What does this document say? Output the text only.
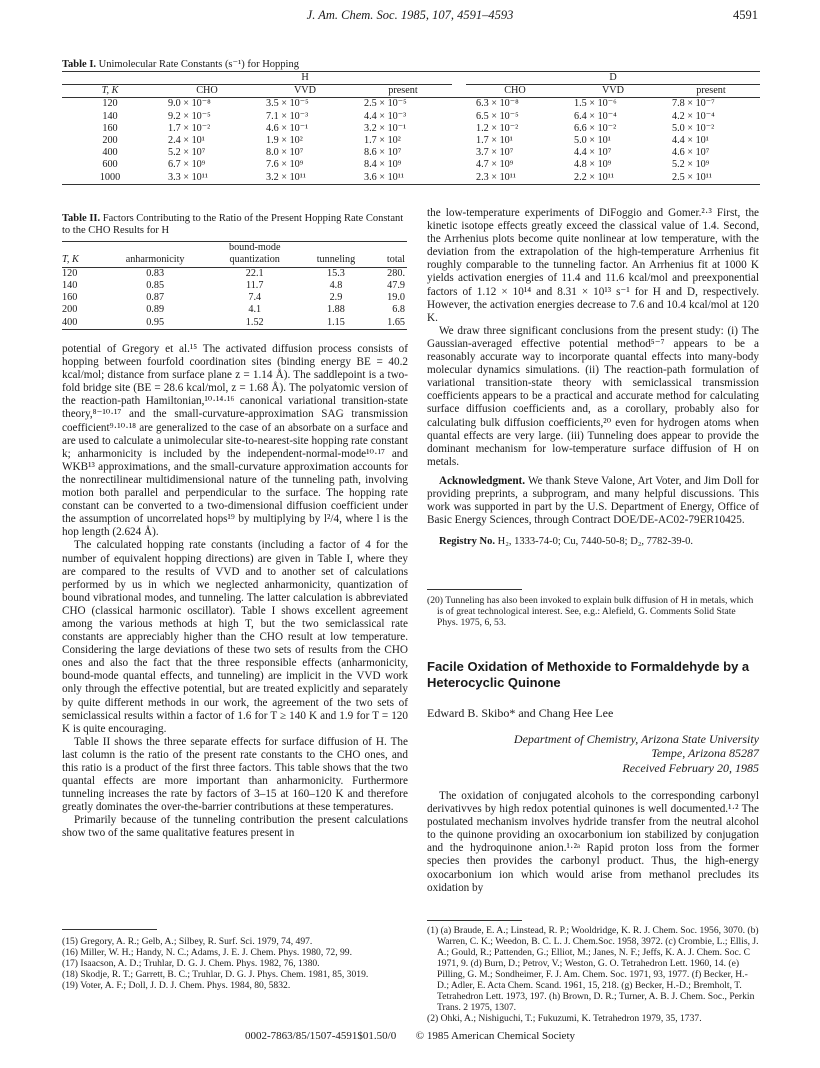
J. Am. Chem. Soc. 1985, 107, 4591–4593	4591
Table I. Unimolecular Rate Constants (s⁻¹) for Hopping
	H				D		
T, K	CHO	VVD	present		CHO	VVD	present
120	9.0 × 10⁻⁸	3.5 × 10⁻⁵	2.5 × 10⁻⁵		6.3 × 10⁻⁸	1.5 × 10⁻⁶	7.8 × 10⁻⁷
140	9.2 × 10⁻⁵	7.1 × 10⁻³	4.4 × 10⁻³		6.5 × 10⁻⁵	6.4 × 10⁻⁴	4.2 × 10⁻⁴
160	1.7 × 10⁻²	4.6 × 10⁻¹	3.2 × 10⁻¹		1.2 × 10⁻²	6.6 × 10⁻²	5.0 × 10⁻²
200	2.4 × 10¹	1.9 × 10²	1.7 × 10²		1.7 × 10¹	5.0 × 10¹	4.4 × 10¹
400	5.2 × 10⁷	8.0 × 10⁷	8.6 × 10⁷		3.7 × 10⁷	4.4 × 10⁷	4.6 × 10⁷
600	6.7 × 10⁹	7.6 × 10⁹	8.4 × 10⁹		4.7 × 10⁹	4.8 × 10⁹	5.2 × 10⁹
1000	3.3 × 10¹¹	3.2 × 10¹¹	3.6 × 10¹¹		2.3 × 10¹¹	2.2 × 10¹¹	2.5 × 10¹¹
Table II. Factors Contributing to the Ratio of the Present Hopping Rate Constant to the CHO Results for H
		bound-mode		
T, K	anharmonicity	quantization	tunneling	total
120	0.83	22.1	15.3	280.
140	0.85	11.7	4.8	47.9
160	0.87	7.4	2.9	19.0
200	0.89	4.1	1.88	6.8
400	0.95	1.52	1.15	1.65

potential of Gregory et al.¹⁵ The activated diffusion process consists of hopping between fourfold coordination sites (binding energy BE = 40.2 kcal/mol; distance from surface plane z = 1.14 Å). The saddlepoint is a two-fold bridge site (BE = 28.6 kcal/mol, z = 1.68 Å). The polyatomic version of the reaction-path Hamiltonian,¹⁰·¹⁴·¹⁶ canonical variational transition-state theory,⁸⁻¹⁰·¹⁷ and the small-curvature-approximation SAG transmission coefficient⁹·¹⁰·¹⁸ are generalized to the case of an absorbate on a surface and are used to calculate a unimolecular site-to-nearest-site hopping rate constant k; anharmonicity is included by the independent-normal-mode¹⁰·¹⁷ and WKB¹³ approximations, and the small-curvature approximation accounts for the nonrectilinear multidimensional nature of the tunneling path, involving motion both parallel and perpendicular to the surface. The hopping rate constant can be converted to a two-dimensional diffusion coefficient under the assumption of uncorrelated hops¹⁹ by multiplying by l²/4, where l is the hop length (2.624 Å).

The calculated hopping rate constants (including a factor of 4 for the number of equivalent hopping directions) are given in Table I, where they are compared to the results of VVD and to another set of calculations performed by us in which we neglected anharmonicity, quantization of bound vibrational modes, and tunneling. The latter calculation is abbreviated CHO (classical harmonic oscillator). Table I shows excellent agreement among the various methods at high T, but the two semiclassical rate constants are appreciably higher than the CHO result at low temperature. Considering the large deviations of these two sets of results from the CHO ones and also the fact that the three responsible effects (anharmonicity, bound-mode quantal effects, and tunneling) are implicit in the VVD work only through the effective potential, but are treated explicitly and separately by quite different methods in our work, the agreement of the two sets of semiclassical results within a factor of 1.6 for T ≥ 140 K and 1.9 for T = 120 K is quite encouraging.

Table II shows the three separate effects for surface diffusion of H. The last column is the ratio of the present rate constants to the CHO ones, and this ratio is a product of the first three factors. This table shows that the two quantal effects are more important than anharmonicity. Furthermore tunneling increases the rate by factors of 3–15 at 160–120 K and therefore greatly dominates the over-the-barrier contributions at these temperatures.

Primarily because of the tunneling contribution the present calculations show two of the same qualitative features present in

(15) Gregory, A. R.; Gelb, A.; Silbey, R. Surf. Sci. 1979, 74, 497.

(16) Miller, W. H.; Handy, N. C.; Adams, J. E. J. Chem. Phys. 1980, 72, 99.

(17) Isaacson, A. D.; Truhlar, D. G. J. Chem. Phys. 1982, 76, 1380.

(18) Skodje, R. T.; Garrett, B. C.; Truhlar, D. G. J. Phys. Chem. 1981, 85, 3019.

(19) Voter, A. F.; Doll, J. D. J. Chem. Phys. 1984, 80, 5832.

the low-temperature experiments of DiFoggio and Gomer.²·³ First, the kinetic isotope effects greatly exceed the classical value of 1.4. Second, the Arrhenius plots become quite nonlinear at low temperature, with the deviation from the extrapolation of the high-temperature Arrhenius fit roughly comparable to the tunneling factor. An Arrhenius fit at 1000 K yields activation energies of 11.4 and 11.6 kcal/mol and preexponential factors of 1.12 × 10¹⁴ and 8.31 × 10¹³ s⁻¹ for H and D, respectively. However, the activation energies decrease to 7.6 and 10.4 kcal/mol at 120 K.

We draw three significant conclusions from the present study: (i) The Gaussian-averaged effective potential method⁵⁻⁷ appears to be a reasonably accurate way to incorporate quantal effects into many-body molecular dynamics simulations. (ii) The reaction-path formulation of variational transition-state theory with semiclassical transmission coefficients appears to be a practical and accurate method for calculating surface diffusion coefficients and, as a corollary, probably also for calculating bulk diffusion coefficients,²⁰ even for hydrogen atoms when quantal effects are very large. (iii) Tunneling does appear to provide the dominant mechanism for low-temperature surface diffusion of H on metals.

Acknowledgment. We thank Steve Valone, Art Voter, and Jim Doll for providing preprints, a subprogram, and many helpful discussions. This work was supported in part by the U.S. Department of Energy, Office of Basic Energy Sciences, through Contract DOE/DE-AC02-79ER10425.

Registry No. H₂, 1333-74-0; Cu, 7440-50-8; D₂, 7782-39-0.

(20) Tunneling has also been invoked to explain bulk diffusion of H in metals, which is of great technological interest. See, e.g.: Alefield, G. Comments Solid State Phys. 1975, 6, 53.

Facile Oxidation of Methoxide to Formaldehyde by a Heterocyclic Quinone
Edward B. Skibo* and Chang Hee Lee
Department of Chemistry, Arizona State University
Tempe, Arizona 85287
Received February 20, 1985

The oxidation of conjugated alcohols to the corresponding carbonyl derivativves by high redox potential quinones is well documented.¹·² The postulated mechanism involves hydride transfer from the neutral alcohol to the quinone providing an oxocarbonium ion stabilized by conjugation and the hydroquinone anion.¹·²ᵃ Rapid proton loss from the former species then provides the carbonyl product. Thus, the high-energy oxocarbonium ion which would arise from methanol precludes its oxidation by

(1) (a) Braude, E. A.; Linstead, R. P.; Wooldridge, K. R. J. Chem. Soc. 1956, 3070. (b) Warren, C. K.; Weedon, B. C. L. J. Chem.Soc. 1958, 3972. (c) Crombie, L.; Ellis, J. A.; Gould, R.; Pattenden, G.; Elliot, M.; Janes, N. F.; Jeffs, K. A. J. Chem. Soc. C 1971, 9. (d) Burn, D.; Petrov, V.; Weston, G. O. Tetrahedron Lett. 1960, 14. (e) Pilling, G. M.; Sondheimer, F. J. Am. Chem. Soc. 1971, 93, 1977. (f) Becker, H.-D.; Adler, E. Acta Chem. Scand. 1961, 15, 218. (g) Becker, H.-D.; Bremholt, T. Tetrahedron Lett. 1973, 197. (h) Brown, D. R.; Turner, A. B. J. Chem. Soc., Perkin Trans. 2 1975, 1307.

(2) Ohki, A.; Nishiguchi, T.; Fukuzumi, K. Tetrahedron 1979, 35, 1737.

0002-7863/85/1507-4591$01.50/0 © 1985 American Chemical Society
